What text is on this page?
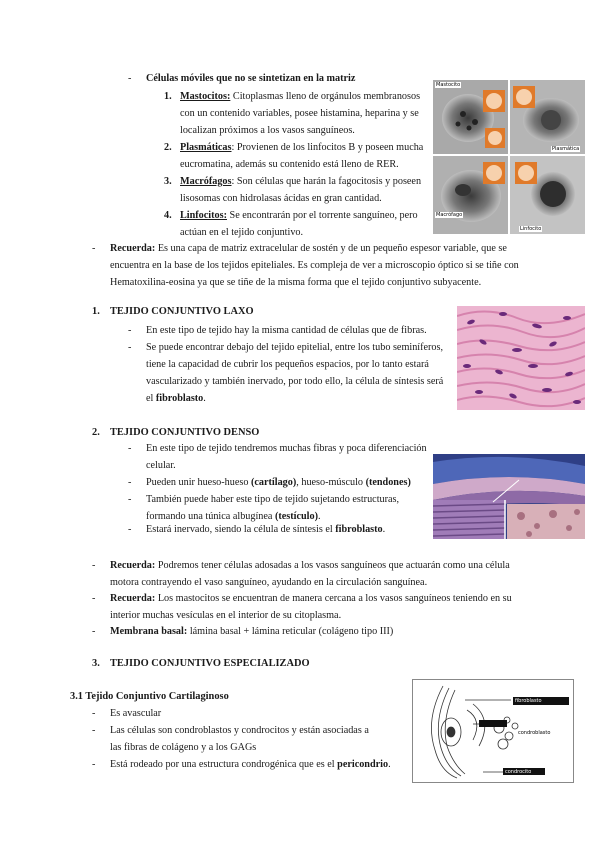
-	Células móviles que no se sintetizan en la matriz
1. Mastocitos: Citoplasmas lleno de orgánulos membranosos
con un contenido variables, posee histamina, heparina y se
localizan próximos a los vasos sanguíneos.
2. Plasmáticas: Provienen de los linfocitos B y poseen mucha
eucromatina, además su contenido está lleno de RER.
3. Macrófagos: Son células que harán la fagocitosis y poseen
lisosomas con hidrolasas ácidas en gran cantidad.
4. Linfocitos: Se encontrarán por el torrente sanguíneo, pero
actúan en el tejido conjuntivo.
Mastocito
Plasmática
Macrófago
Linfocito
-	Recuerda: Es una capa de matriz extracelular de sostén y de un pequeño espesor variable, que se
encuentra en la base de los tejidos epiteliales. Es compleja de ver a microscopio óptico si se tiñe con
Hematoxilina-eosina ya que se tiñe de la misma forma que el tejido conjuntivo subyacente.
1. TEJIDO CONJUNTIVO LAXO
-	En este tipo de tejido hay la misma cantidad de células que de fibras.
-	Se puede encontrar debajo del tejido epitelial, entre los tubo seminíferos,
tiene la capacidad de cubrir los pequeños espacios, por lo tanto estará
vascularizado y también inervado, por todo ello, la célula de síntesis será
el fibroblasto.
2. TEJIDO CONJUNTIVO DENSO
-	En este tipo de tejido tendremos muchas fibras y poca diferenciación
celular.
-	Pueden unir hueso-hueso (cartílago), hueso-músculo (tendones)
-	También puede haber este tipo de tejido sujetando estructuras,
formando una túnica albugínea (testículo).
-	Estará inervado, siendo la célula de síntesis el fibroblasto.
-	Recuerda: Podremos tener células adosadas a los vasos sanguíneos que actuarán como una célula
motora contrayendo el vaso sanguíneo, ayudando en la circulación sanguínea.
-	Recuerda: Los mastocitos se encuentran de manera cercana a los vasos sanguíneos teniendo en su
interior muchas vesículas en el interior de su citoplasma.
-	Membrana basal: lámina basal + lámina reticular (colágeno tipo III)
3. TEJIDO CONJUNTIVO ESPECIALIZADO
3.1 Tejido Conjuntivo Cartilaginoso
-	Es avascular
-	Las células son condroblastos y condrocitos y están asociadas a
las fibras de colágeno y a los GAGs
-	Está rodeado por una estructura condrogénica que es el pericondrio.
fibroblasto
condroblasto
condrocito
